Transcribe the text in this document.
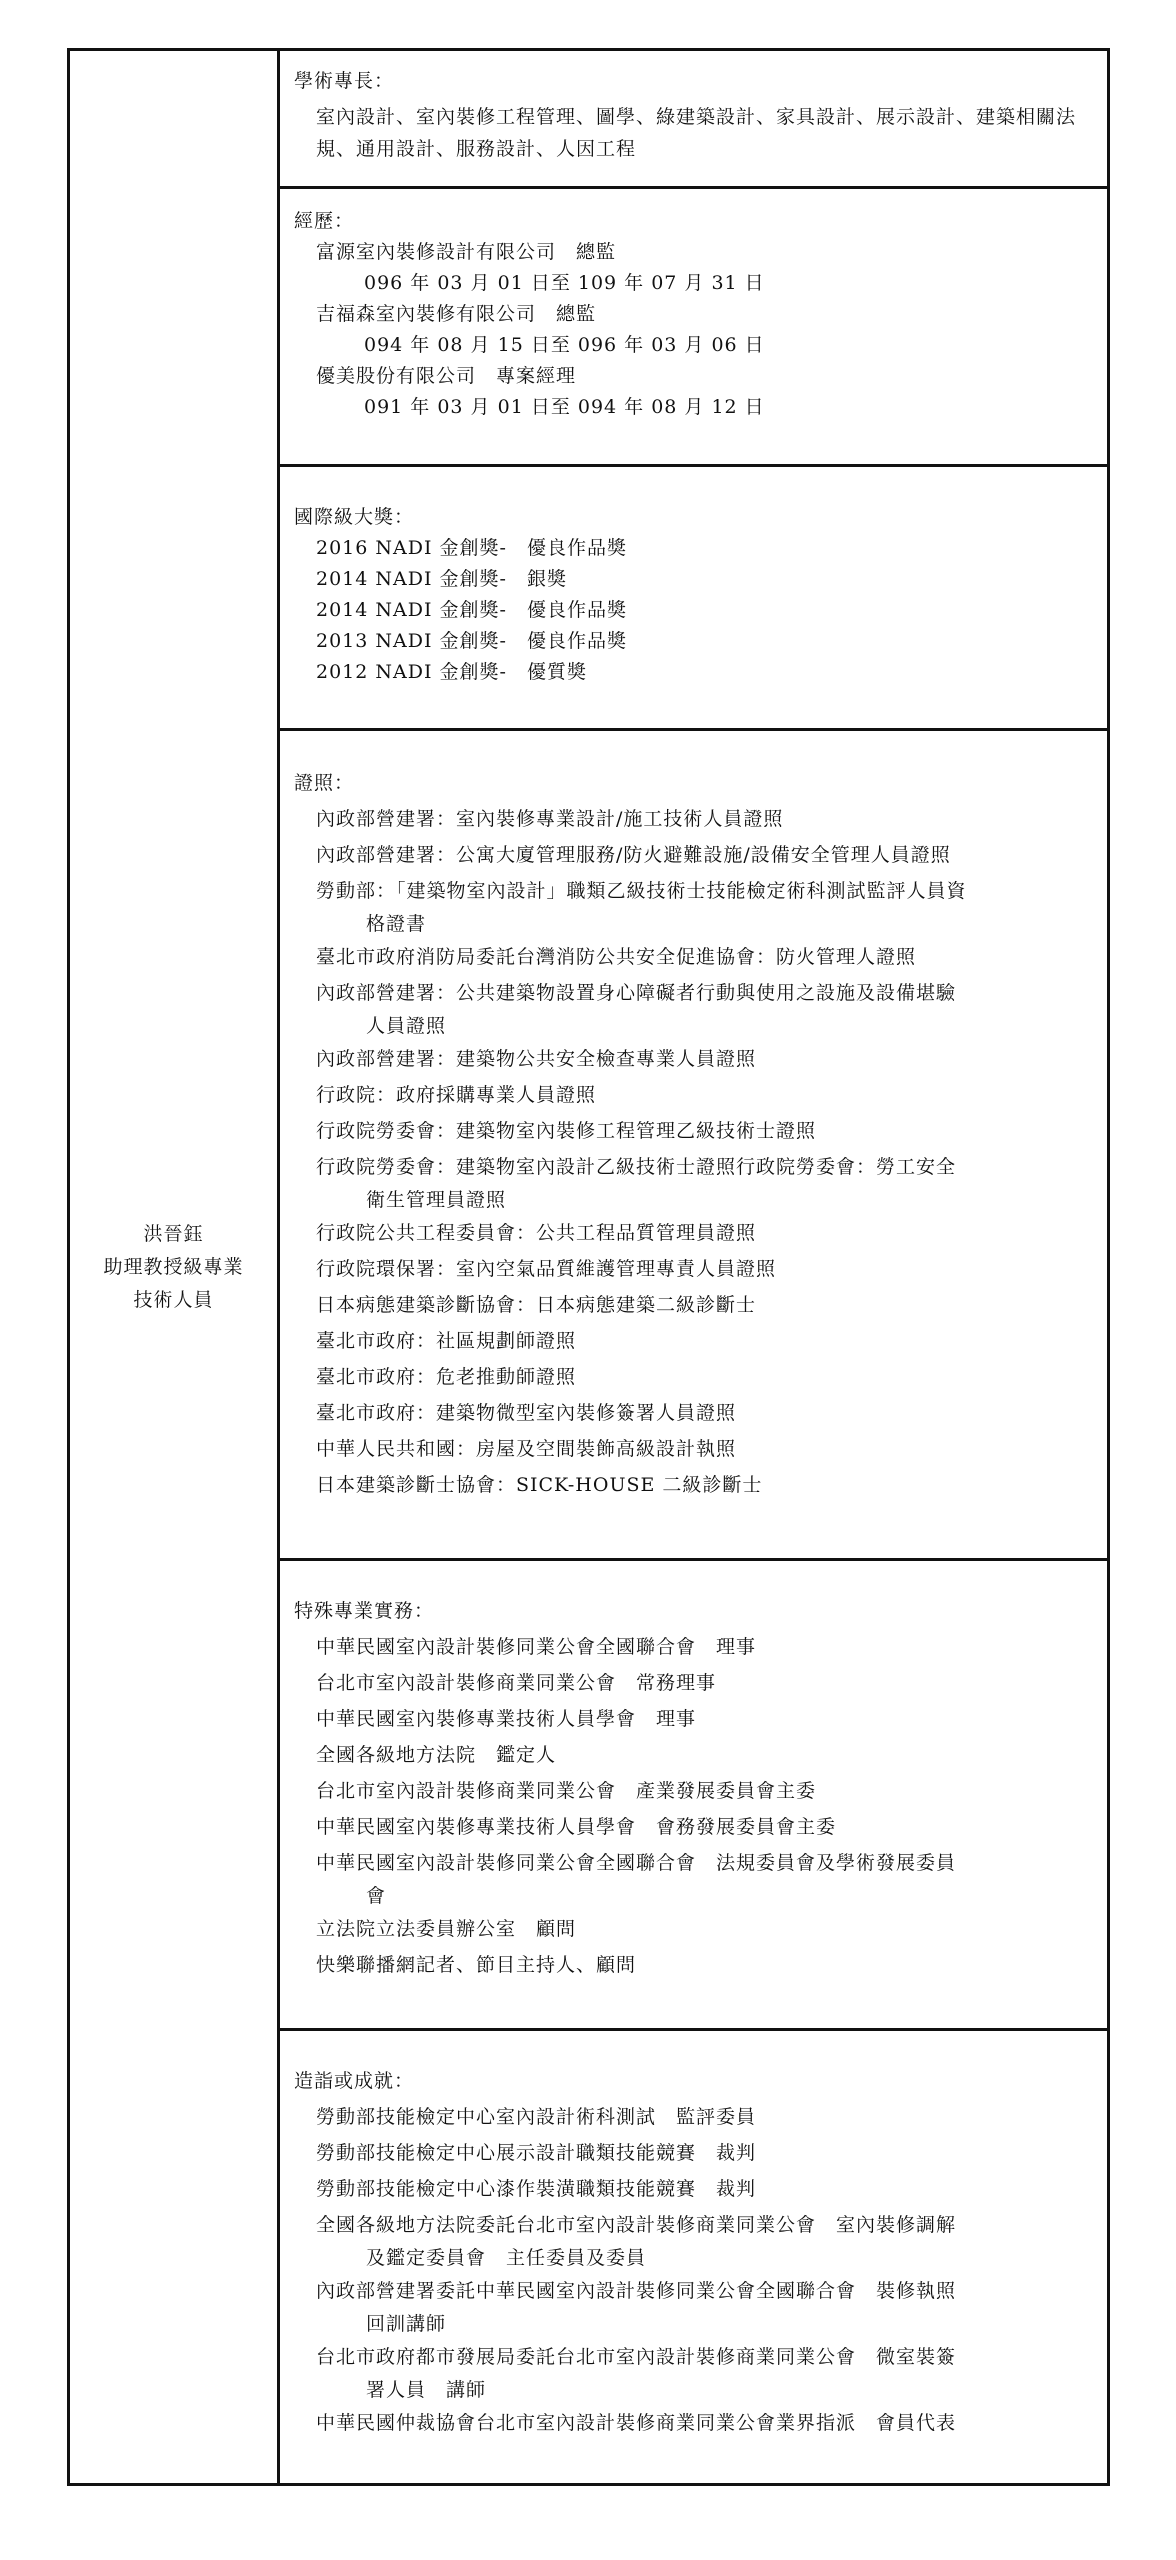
洪晉鈺
助理教授級專業
技術人員
學術專長：
室內設計、室內裝修工程管理、圖學、綠建築設計、家具設計、展示設計、建築相關法規、通用設計、服務設計、人因工程
經歷：
富源室內裝修設計有限公司　總監
096 年 03 月 01 日至 109 年 07 月 31 日
吉福森室內裝修有限公司　總監
094 年 08 月 15 日至 096 年 03 月 06 日
優美股份有限公司　專案經理
091 年 03 月 01 日至 094 年 08 月 12 日
國際級大獎：
2016 NADI 金創獎-　優良作品獎
2014 NADI 金創獎-　銀獎
2014 NADI 金創獎-　優良作品獎
2013 NADI 金創獎-　優良作品獎
2012 NADI 金創獎-　優質獎
證照：
內政部營建署：室內裝修專業設計/施工技術人員證照
內政部營建署：公寓大廈管理服務/防火避難設施/設備安全管理人員證照
勞動部：「建築物室內設計」職類乙級技術士技能檢定術科測試監評人員資
格證書
臺北市政府消防局委託台灣消防公共安全促進協會：防火管理人證照
內政部營建署：公共建築物設置身心障礙者行動與使用之設施及設備堪驗
人員證照
內政部營建署：建築物公共安全檢查專業人員證照
行政院：政府採購專業人員證照
行政院勞委會：建築物室內裝修工程管理乙級技術士證照
行政院勞委會：建築物室內設計乙級技術士證照行政院勞委會：勞工安全
衛生管理員證照
行政院公共工程委員會：公共工程品質管理員證照
行政院環保署：室內空氣品質維護管理專責人員證照
日本病態建築診斷協會：日本病態建築二級診斷士
臺北市政府：社區規劃師證照
臺北市政府：危老推動師證照
臺北市政府：建築物微型室內裝修簽署人員證照
中華人民共和國：房屋及空間裝飾高級設計執照
日本建築診斷士協會：SICK-HOUSE 二級診斷士
特殊專業實務：
中華民國室內設計裝修同業公會全國聯合會　理事
台北市室內設計裝修商業同業公會　常務理事
中華民國室內裝修專業技術人員學會　理事
全國各級地方法院　鑑定人
台北市室內設計裝修商業同業公會　產業發展委員會主委
中華民國室內裝修專業技術人員學會　會務發展委員會主委
中華民國室內設計裝修同業公會全國聯合會　法規委員會及學術發展委員
會
立法院立法委員辦公室　顧問
快樂聯播網記者、節目主持人、顧問
造詣或成就：
勞動部技能檢定中心室內設計術科測試　監評委員
勞動部技能檢定中心展示設計職類技能競賽　裁判
勞動部技能檢定中心漆作裝潢職類技能競賽　裁判
全國各級地方法院委託台北市室內設計裝修商業同業公會　室內裝修調解
及鑑定委員會　主任委員及委員
內政部營建署委託中華民國室內設計裝修同業公會全國聯合會　裝修執照
回訓講師
台北市政府都市發展局委託台北市室內設計裝修商業同業公會　微室裝簽
署人員　講師
中華民國仲裁協會台北市室內設計裝修商業同業公會業界指派　會員代表
